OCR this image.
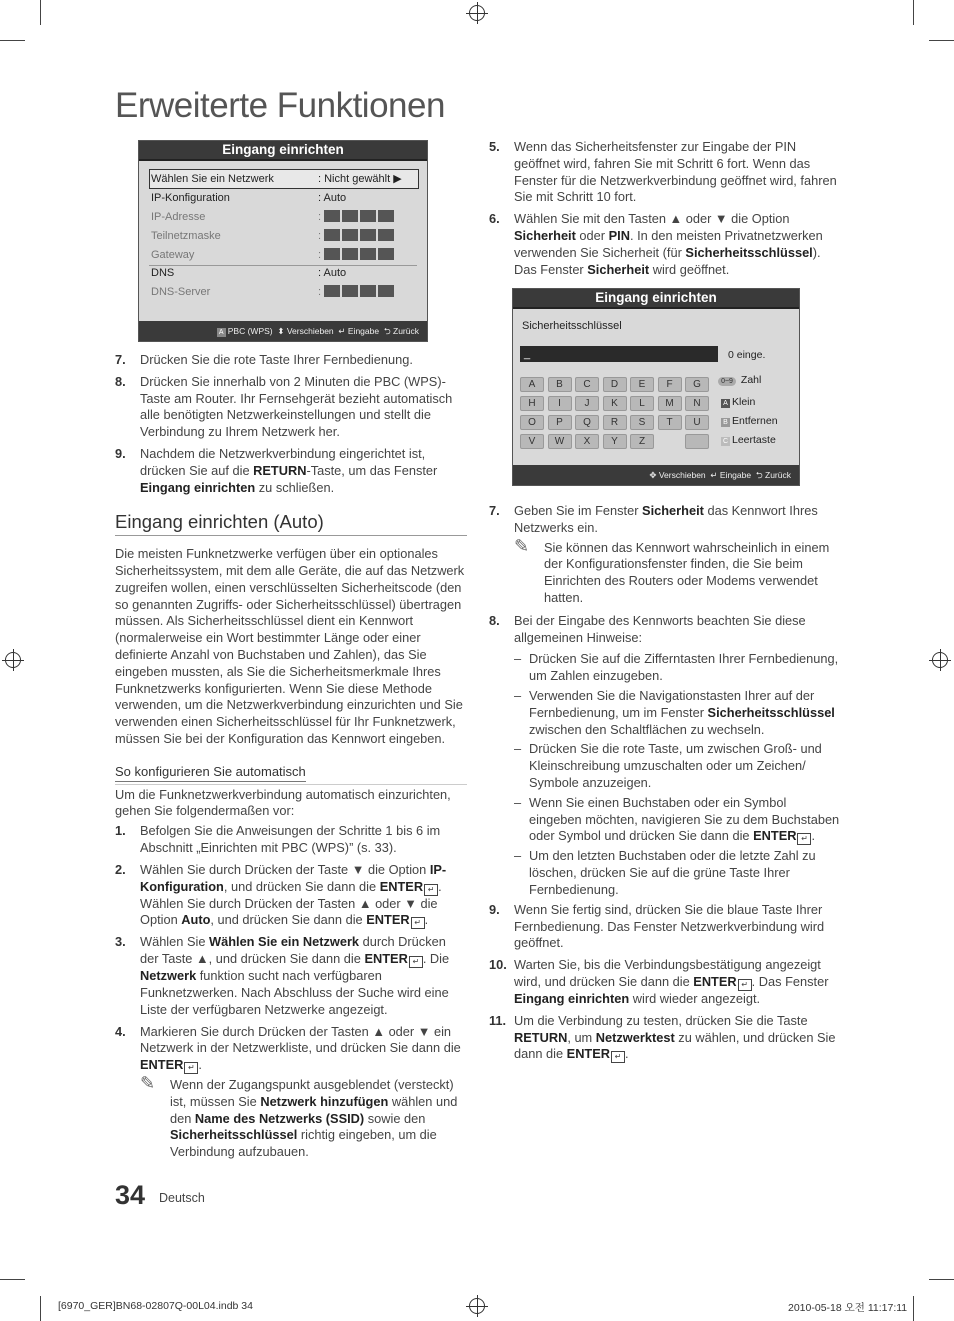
Erweiterte Funktionen
Eingang einrichten
Wählen Sie ein Netzwerk	: Nicht gewählt ▶
IP-Konfiguration	: Auto
IP-Adresse	:
Teilnetzmaske	:
Gateway	:
DNS	: Auto
DNS-Server	:
A PBC (WPS) ⬍ Verschieben ↵ Eingabe ⮌ Zurück
7. Drücken Sie die rote Taste Ihrer Fernbedienung.
8. Drücken Sie innerhalb von 2 Minuten die PBC (WPS)-Taste am Router. Ihr Fernsehgerät bezieht automatisch alle benötigten Netzwerkeinstellungen und stellt die Verbindung zu Ihrem Netzwerk her.
9. Nachdem die Netzwerkverbindung eingerichtet ist, drücken Sie auf die RETURN-Taste, um das Fenster Eingang einrichten zu schließen.
Eingang einrichten (Auto)
Die meisten Funknetzwerke verfügen über ein optionales Sicherheitssystem, mit dem alle Geräte, die auf das Netzwerk zugreifen wollen, einen verschlüsselten Sicherheitscode (den so genannten Zugriffs- oder Sicherheitsschlüssel) übertragen müssen. Als Sicherheitsschlüssel dient ein Kennwort (normalerweise ein Wort bestimmter Länge oder einer definierte Anzahl von Buchstaben und Zahlen), das Sie eingeben mussten, als Sie die Sicherheitsmerkmale Ihres Funknetzwerks konfigurierten. Wenn Sie diese Methode verwenden, um die Netzwerkverbindung einzurichten und Sie verwenden einen Sicherheitsschlüssel für Ihr Funknetzwerk, müssen Sie bei der Konfiguration das Kennwort eingeben.
So konfigurieren Sie automatisch
Um die Funknetzwerkverbindung automatisch einzurichten, gehen Sie folgendermaßen vor:
1. Befolgen Sie die Anweisungen der Schritte 1 bis 6 im Abschnitt „Einrichten mit PBC (WPS)” (s. 33).
2. Wählen Sie durch Drücken der Taste ▼ die Option IP-Konfiguration, und drücken Sie dann die ENTER ↵ . Wählen Sie durch Drücken der Tasten ▲ oder ▼ die Option Auto, und drücken Sie dann die ENTER ↵ .
3. Wählen Sie Wählen Sie ein Netzwerk durch Drücken der Taste ▲, und drücken Sie dann die ENTER ↵ . Die Netzwerk funktion sucht nach verfügbaren Funknetzwerken. Nach Abschluss der Suche wird eine Liste der verfügbaren Netzwerke angezeigt.
4. Markieren Sie durch Drücken der Tasten ▲ oder ▼ ein Netzwerk in der Netzwerkliste, und drücken Sie dann die ENTER ↵ .
✎ Wenn der Zugangspunkt ausgeblendet (versteckt) ist, müssen Sie Netzwerk hinzufügen wählen und den Name des Netzwerks (SSID) sowie den Sicherheitsschlüssel richtig eingeben, um die Verbindung aufzubauen.
5. Wenn das Sicherheitsfenster zur Eingabe der PIN geöffnet wird, fahren Sie mit Schritt 6 fort. Wenn das Fenster für die Netzwerkverbindung geöffnet wird, fahren Sie mit Schritt 10 fort.
6. Wählen Sie mit den Tasten ▲ oder ▼ die Option Sicherheit oder PIN. In den meisten Privatnetzwerken verwenden Sie Sicherheit (für Sicherheitsschlüssel). Das Fenster Sicherheit wird geöffnet.
Eingang einrichten
Sicherheitsschlüssel
_	0 einge.
A	B	C	D	E	F	G
H	I	J	K	L	M	N
O	P	Q	R	S	T	U
V	W	X	Y	Z
0~9 Zahl
A Klein
B Entfernen
C Leertaste
✥ Verschieben ↵ Eingabe ⮌ Zurück
7. Geben Sie im Fenster Sicherheit das Kennwort Ihres Netzwerks ein.
✎ Sie können das Kennwort wahrscheinlich in einem der Konfigurationsfenster finden, die Sie beim Einrichten des Routers oder Modems verwendet hatten.
8. Bei der Eingabe des Kennworts beachten Sie diese allgemeinen Hinweise:
– Drücken Sie auf die Zifferntasten Ihrer Fernbedienung, um Zahlen einzugeben.
– Verwenden Sie die Navigationstasten Ihrer auf der Fernbedienung, um im Fenster Sicherheitsschlüssel zwischen den Schaltflächen zu wechseln.
– Drücken Sie die rote Taste, um zwischen Groß- und Kleinschreibung umzuschalten oder um Zeichen/ Symbole anzuzeigen.
– Wenn Sie einen Buchstaben oder ein Symbol eingeben möchten, navigieren Sie zu dem Buchstaben oder Symbol und drücken Sie dann die ENTER ↵ .
– Um den letzten Buchstaben oder die letzte Zahl zu löschen, drücken Sie auf die grüne Taste Ihrer Fernbedienung.
9. Wenn Sie fertig sind, drücken Sie die blaue Taste Ihrer Fernbedienung. Das Fenster Netzwerkverbindung wird geöffnet.
10. Warten Sie, bis die Verbindungsbestätigung angezeigt wird, und drücken Sie dann die ENTER ↵ . Das Fenster Eingang einrichten wird wieder angezeigt.
11. Um die Verbindung zu testen, drücken Sie die Taste RETURN, um Netzwerktest zu wählen, und drücken Sie dann die ENTER ↵ .
34 Deutsch
[6970_GER]BN68-02807Q-00L04.indb 34	2010-05-18 오전 11:17:11
